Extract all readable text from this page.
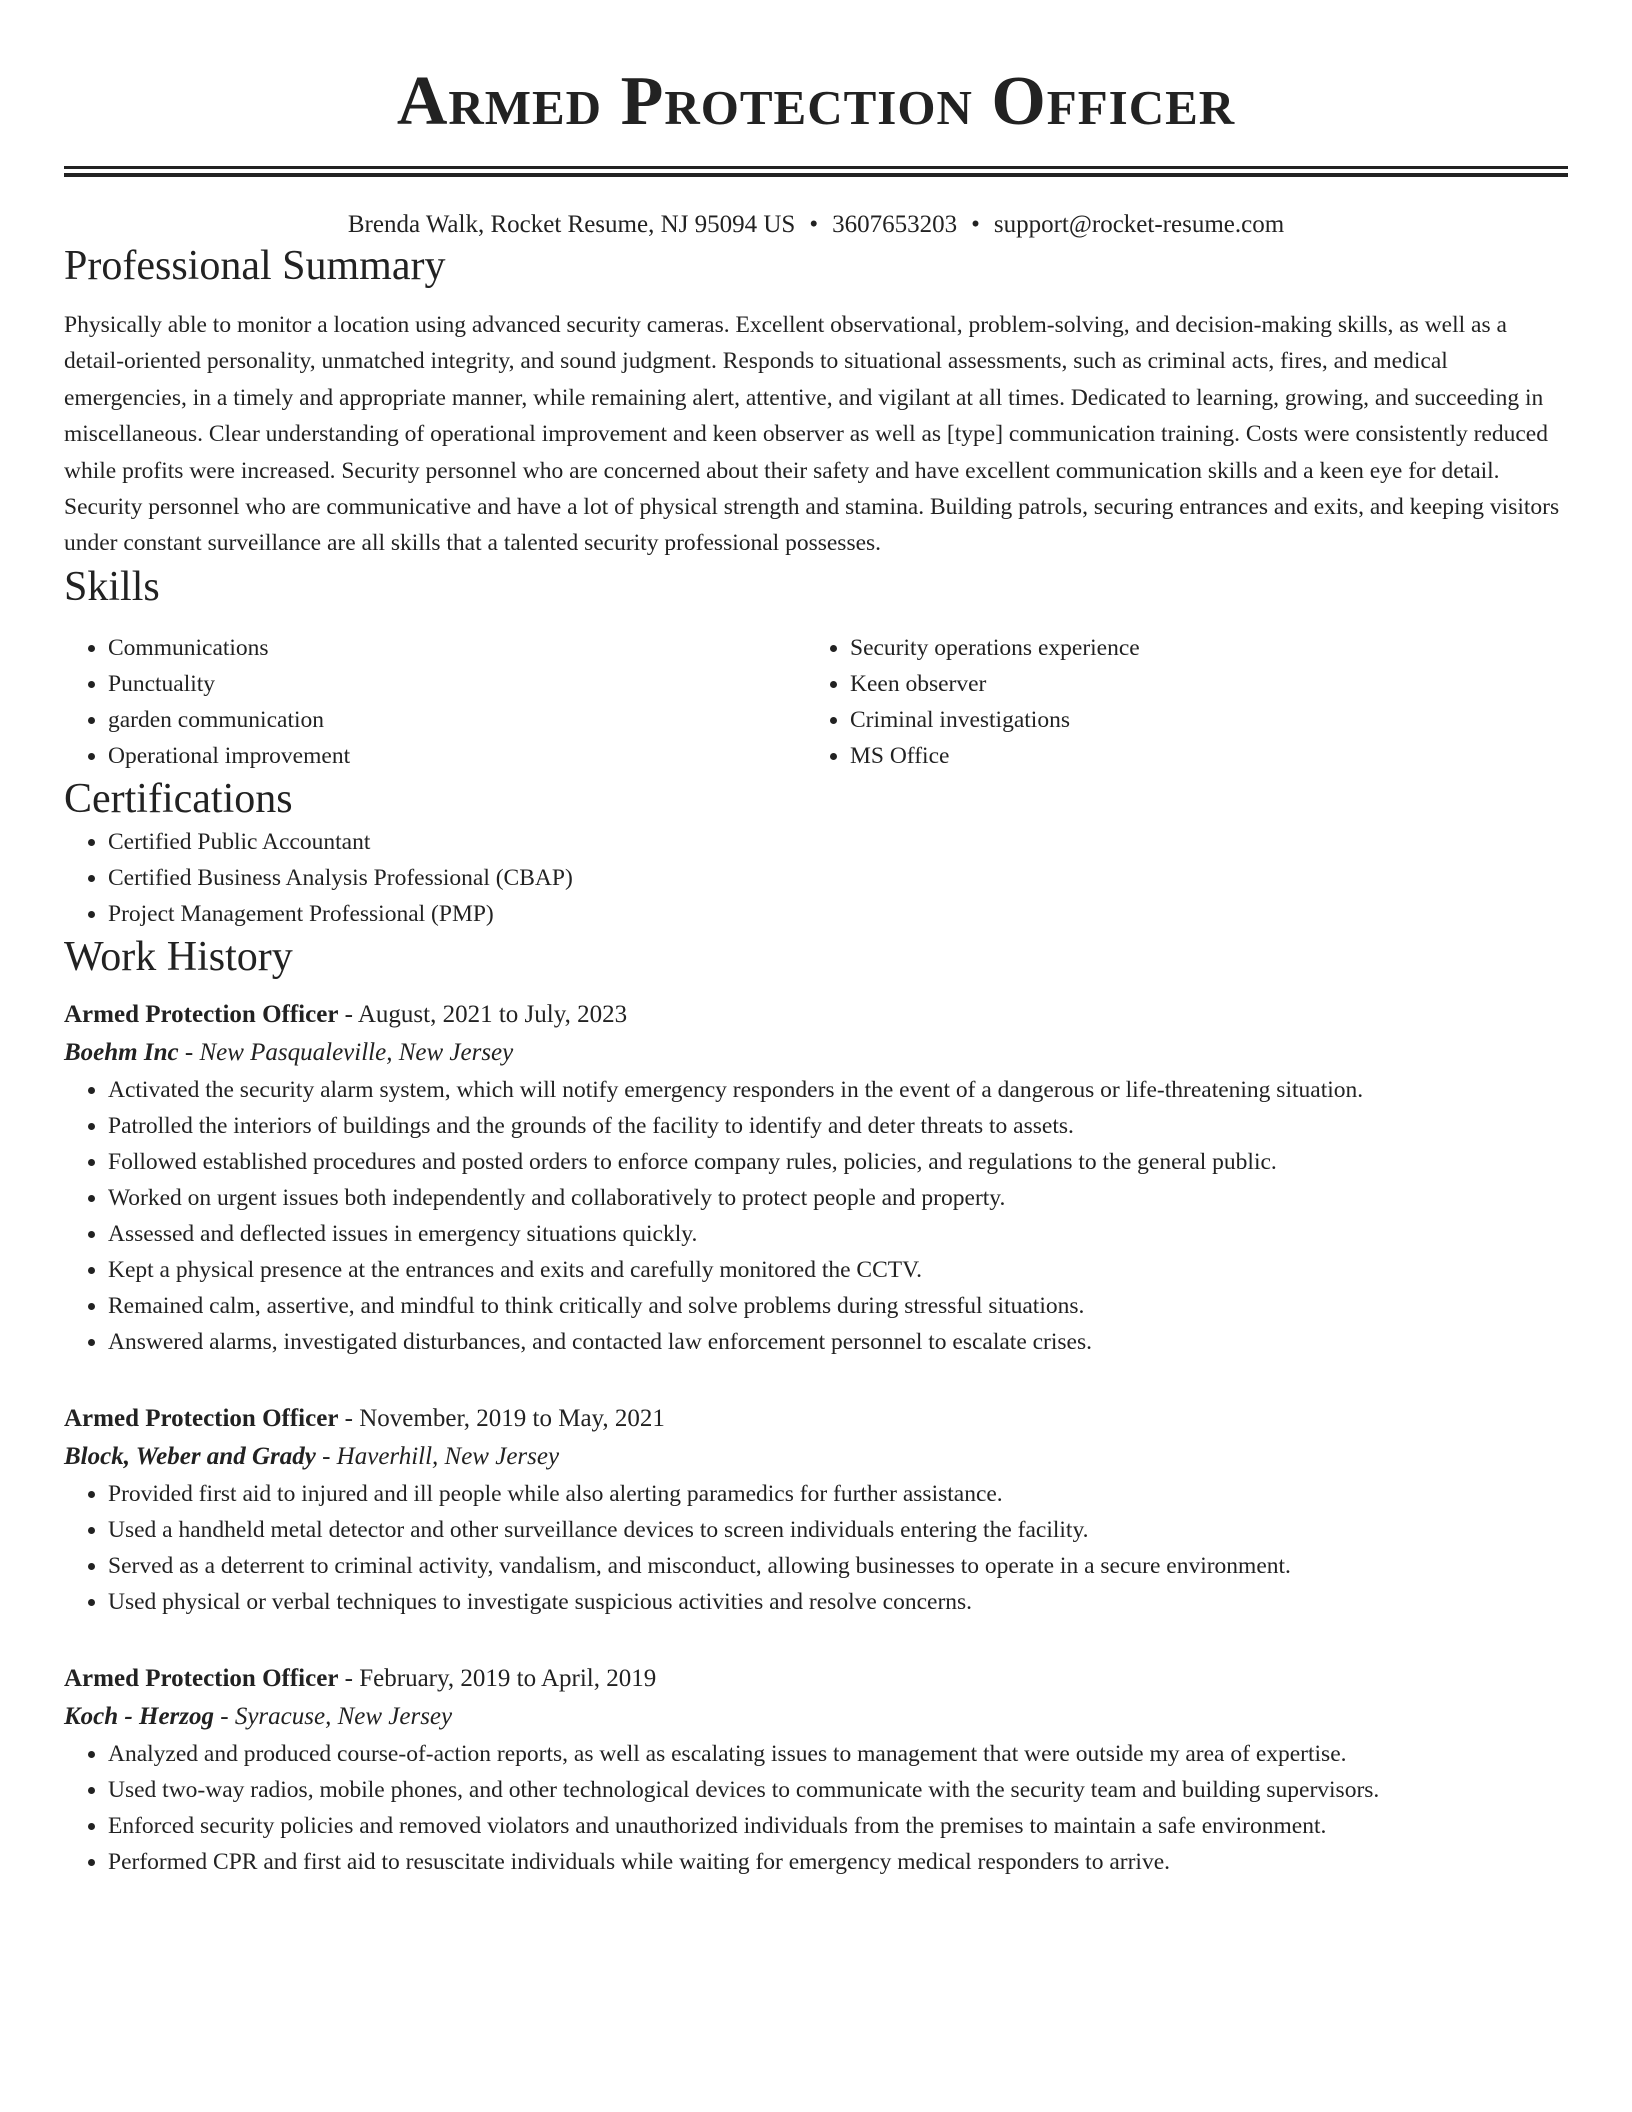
Armed Protection Officer
Brenda Walk, Rocket Resume, NJ 95094 US • 3607653203 • support@rocket-resume.com
Professional Summary

Physically able to monitor a location using advanced security cameras. Excellent observational, problem-solving, and decision-making skills, as well as a detail-oriented personality, unmatched integrity, and sound judgment. Responds to situational assessments, such as criminal acts, fires, and medical emergencies, in a timely and appropriate manner, while remaining alert, attentive, and vigilant at all times. Dedicated to learning, growing, and succeeding in miscellaneous. Clear understanding of operational improvement and keen observer as well as [type] communication training. Costs were consistently reduced while profits were increased. Security personnel who are concerned about their safety and have excellent communication skills and a keen eye for detail. Security personnel who are communicative and have a lot of physical strength and stamina. Building patrols, securing entrances and exits, and keeping visitors under constant surveillance are all skills that a talented security professional possesses.

Skills
• Communications
• Punctuality
• garden communication
• Operational improvement
• Security operations experience
• Keen observer
• Criminal investigations
• MS Office
Certifications
• Certified Public Accountant
• Certified Business Analysis Professional (CBAP)
• Project Management Professional (PMP)
Work History
Armed Protection Officer - August, 2021 to July, 2023
Boehm Inc - New Pasqualeville, New Jersey
• Activated the security alarm system, which will notify emergency responders in the event of a dangerous or life-threatening situation.
• Patrolled the interiors of buildings and the grounds of the facility to identify and deter threats to assets.
• Followed established procedures and posted orders to enforce company rules, policies, and regulations to the general public.
• Worked on urgent issues both independently and collaboratively to protect people and property.
• Assessed and deflected issues in emergency situations quickly.
• Kept a physical presence at the entrances and exits and carefully monitored the CCTV.
• Remained calm, assertive, and mindful to think critically and solve problems during stressful situations.
• Answered alarms, investigated disturbances, and contacted law enforcement personnel to escalate crises.
Armed Protection Officer - November, 2019 to May, 2021
Block, Weber and Grady - Haverhill, New Jersey
• Provided first aid to injured and ill people while also alerting paramedics for further assistance.
• Used a handheld metal detector and other surveillance devices to screen individuals entering the facility.
• Served as a deterrent to criminal activity, vandalism, and misconduct, allowing businesses to operate in a secure environment.
• Used physical or verbal techniques to investigate suspicious activities and resolve concerns.
Armed Protection Officer - February, 2019 to April, 2019
Koch - Herzog - Syracuse, New Jersey
• Analyzed and produced course-of-action reports, as well as escalating issues to management that were outside my area of expertise.
• Used two-way radios, mobile phones, and other technological devices to communicate with the security team and building supervisors.
• Enforced security policies and removed violators and unauthorized individuals from the premises to maintain a safe environment.
• Performed CPR and first aid to resuscitate individuals while waiting for emergency medical responders to arrive.
